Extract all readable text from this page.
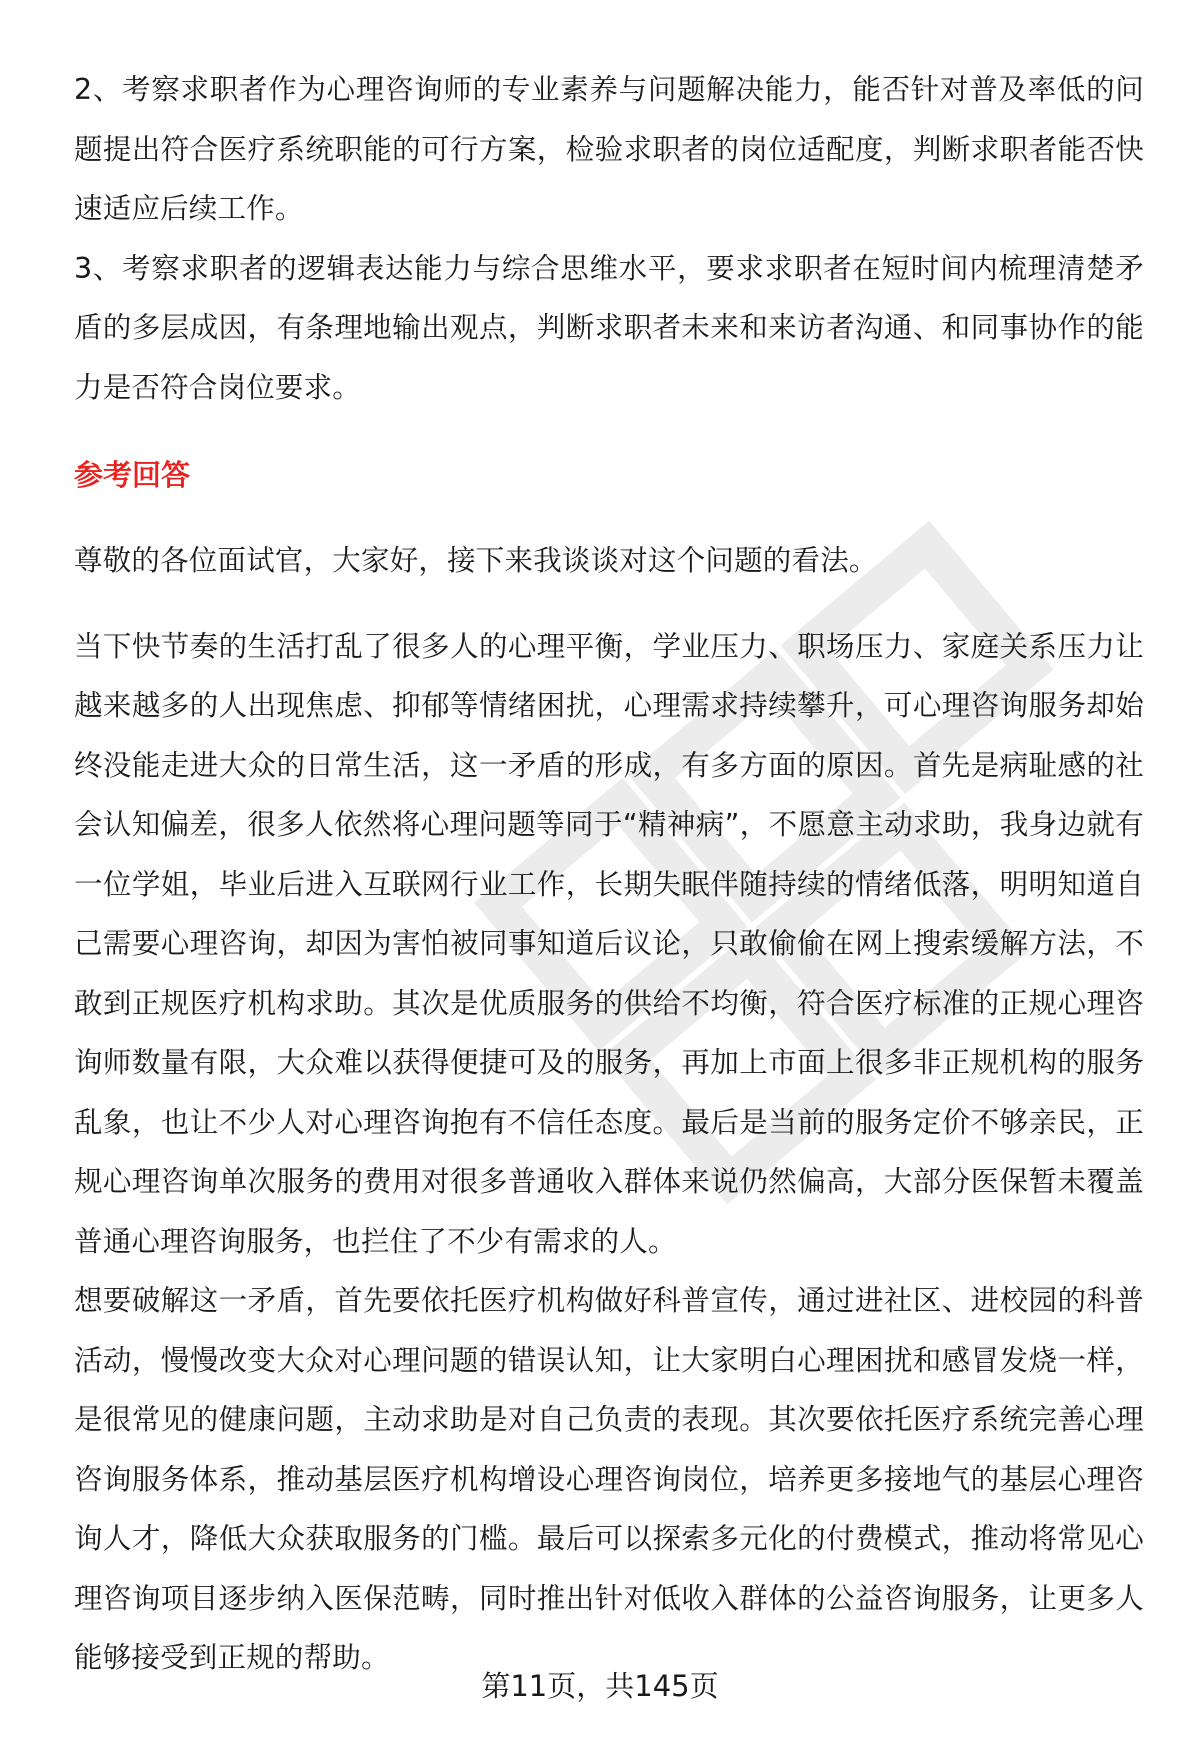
2、考察求职者作为心理咨询师的专业素养与问题解决能力，能否针对普及率低的问题提出符合医疗系统职能的可行方案，检验求职者的岗位适配度，判断求职者能否快速适应后续工作。

3、考察求职者的逻辑表达能力与综合思维水平，要求求职者在短时间内梳理清楚矛盾的多层成因，有条理地输出观点，判断求职者未来和来访者沟通、和同事协作的能力是否符合岗位要求。

参考回答

尊敬的各位面试官，大家好，接下来我谈谈对这个问题的看法。

当下快节奏的生活打乱了很多人的心理平衡，学业压力、职场压力、家庭关系压力让越来越多的人出现焦虑、抑郁等情绪困扰，心理需求持续攀升，可心理咨询服务却始终没能走进大众的日常生活，这一矛盾的形成，有多方面的原因。首先是病耻感的社会认知偏差，很多人依然将心理问题等同于“精神病”，不愿意主动求助，我身边就有一位学姐，毕业后进入互联网行业工作，长期失眠伴随持续的情绪低落，明明知道自己需要心理咨询，却因为害怕被同事知道后议论，只敢偷偷在网上搜索缓解方法，不敢到正规医疗机构求助。其次是优质服务的供给不均衡，符合医疗标准的正规心理咨询师数量有限，大众难以获得便捷可及的服务，再加上市面上很多非正规机构的服务乱象，也让不少人对心理咨询抱有不信任态度。最后是当前的服务定价不够亲民，正规心理咨询单次服务的费用对很多普通收入群体来说仍然偏高，大部分医保暂未覆盖普通心理咨询服务，也拦住了不少有需求的人。

想要破解这一矛盾，首先要依托医疗机构做好科普宣传，通过进社区、进校园的科普活动，慢慢改变大众对心理问题的错误认知，让大家明白心理困扰和感冒发烧一样，是很常见的健康问题，主动求助是对自己负责的表现。其次要依托医疗系统完善心理咨询服务体系，推动基层医疗机构增设心理咨询岗位，培养更多接地气的基层心理咨询人才，降低大众获取服务的门槛。最后可以探索多元化的付费模式，推动将常见心理咨询项目逐步纳入医保范畴，同时推出针对低收入群体的公益咨询服务，让更多人能够接受到正规的帮助。

第11页，共145页
